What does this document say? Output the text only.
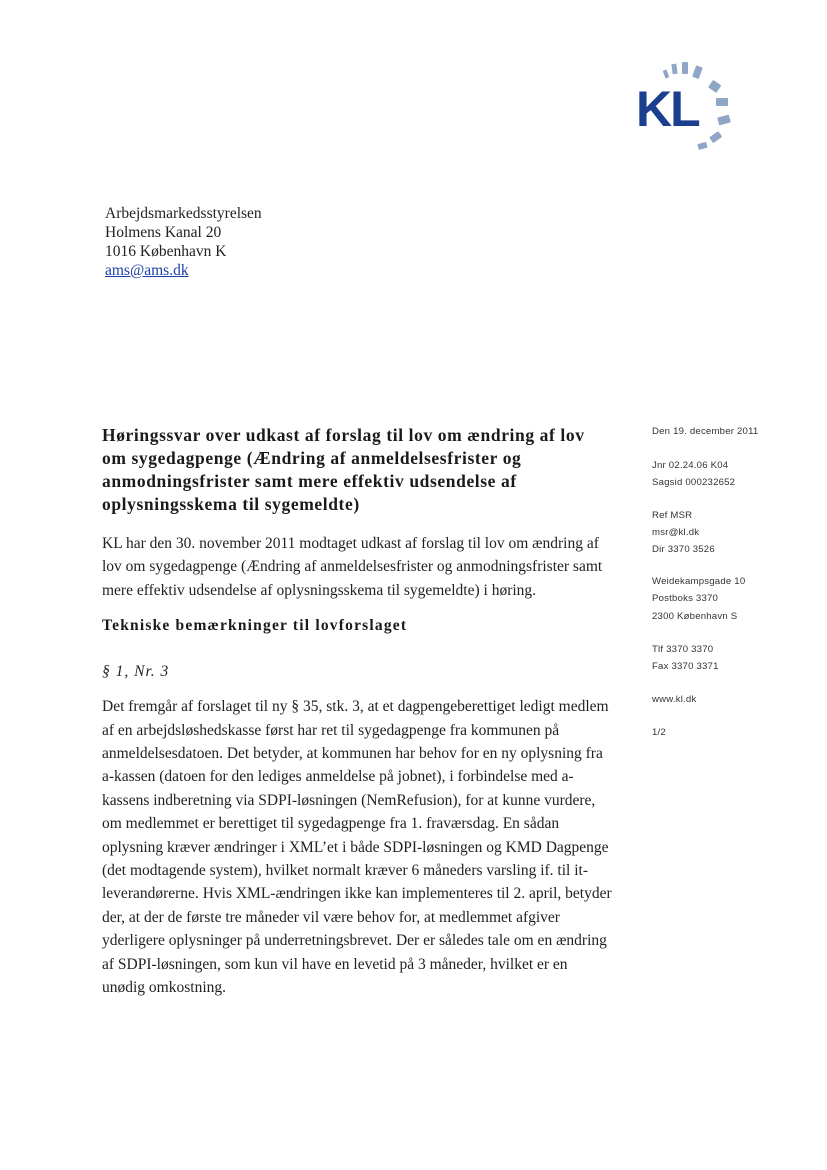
KL
Arbejdsmarkedsstyrelsen
Holmens Kanal 20
1016 København K
ams@ams.dk
Den 19. december 2011
Jnr 02.24.06 K04
Sagsid 000232652
Ref MSR
msr@kl.dk
Dir 3370 3526
Weidekampsgade 10
Postboks 3370
2300 København S
Tlf 3370 3370
Fax 3370 3371
www.kl.dk
1/2
Høringssvar over udkast af forslag til lov om ændring af lov om sygedagpenge (Ændring af anmeldelsesfrister og anmodningsfrister samt mere effektiv udsendelse af oplysningsskema til sygemeldte)

KL har den 30. november 2011 modtaget udkast af forslag til lov om ændring af lov om sygedagpenge (Ændring af anmeldelsesfrister og anmodningsfrister samt mere effektiv udsendelse af oplysningsskema til sygemeldte) i høring.

Tekniske bemærkninger til lovforslaget

§ 1, Nr. 3

Det fremgår af forslaget til ny § 35, stk. 3, at et dagpengeberettiget ledigt medlem af en arbejdsløshedskasse først har ret til sygedagpenge fra kommunen på anmeldelsesdatoen. Det betyder, at kommunen har behov for en ny oplysning fra a-kassen (datoen for den lediges anmeldelse på jobnet), i forbindelse med a-kassens indberetning via SDPI-løsningen (NemRefusion), for at kunne vurdere, om medlemmet er berettiget til sygedagpenge fra 1. fraværsdag. En sådan oplysning kræver ændringer i XML’et i både SDPI-løsningen og KMD Dagpenge (det modtagende system), hvilket normalt kræver 6 måneders varsling if. til it-leverandørerne. Hvis XML-ændringen ikke kan implementeres til 2. april, betyder der, at der de første tre måneder vil være behov for, at medlemmet afgiver yderligere oplysninger på underretningsbrevet. Der er således tale om en ændring af SDPI-løsningen, som kun vil have en levetid på 3 måneder, hvilket er en unødig omkostning.
